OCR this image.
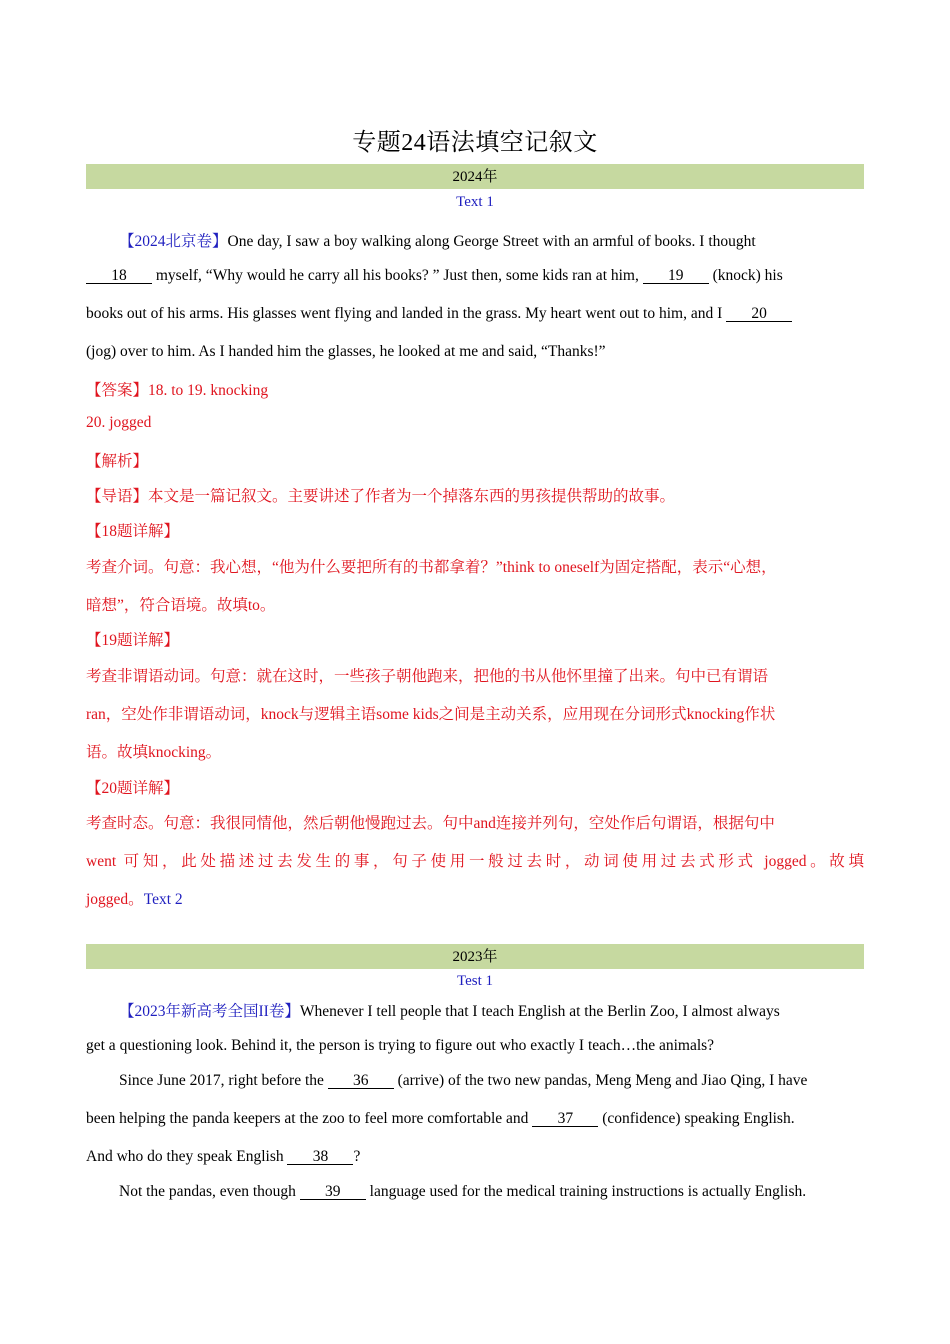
专题24语法填空记叙文
2024年
Text 1
【2024北京卷】One day, I saw a boy walking along George Street with an armful of books. I thought
18 myself, “Why would he carry all his books? ” Just then, some kids ran at him, 19 (knock) his
books out of his arms. His glasses went flying and landed in the grass. My heart went out to him, and I 20
(jog) over to him. As I handed him the glasses, he looked at me and said, “Thanks!”
【答案】18. to 19. knocking
20. jogged
【解析】
【导语】本文是一篇记叙文。主要讲述了作者为一个掉落东西的男孩提供帮助的故事。
【18题详解】
考查介词。句意：我心想，“他为什么要把所有的书都拿着？”think to oneself为固定搭配，表示“心想，
暗想”，符合语境。故填to。
【19题详解】
考查非谓语动词。句意：就在这时，一些孩子朝他跑来，把他的书从他怀里撞了出来。句中已有谓语
ran，空处作非谓语动词，knock与逻辑主语some kids之间是主动关系，应用现在分词形式knocking作状
语。故填knocking。
【20题详解】
考查时态。句意：我很同情他，然后朝他慢跑过去。句中and连接并列句，空处作后句谓语，根据句中
went 可知，此处描述过去发生的事，句子使用一般过去时，动词使用过去式形式 jogged。故填
jogged。Text 2
2023年
Test 1
【2023年新高考全国II卷】Whenever I tell people that I teach English at the Berlin Zoo, I almost always
get a questioning look. Behind it, the person is trying to figure out who exactly I teach…the animals?
Since June 2017, right before the 36 (arrive) of the two new pandas, Meng Meng and Jiao Qing, I have
been helping the panda keepers at the zoo to feel more comfortable and 37 (confidence) speaking English.
And who do they speak English 38 ?
Not the pandas, even though 39 language used for the medical training instructions is actually English.
